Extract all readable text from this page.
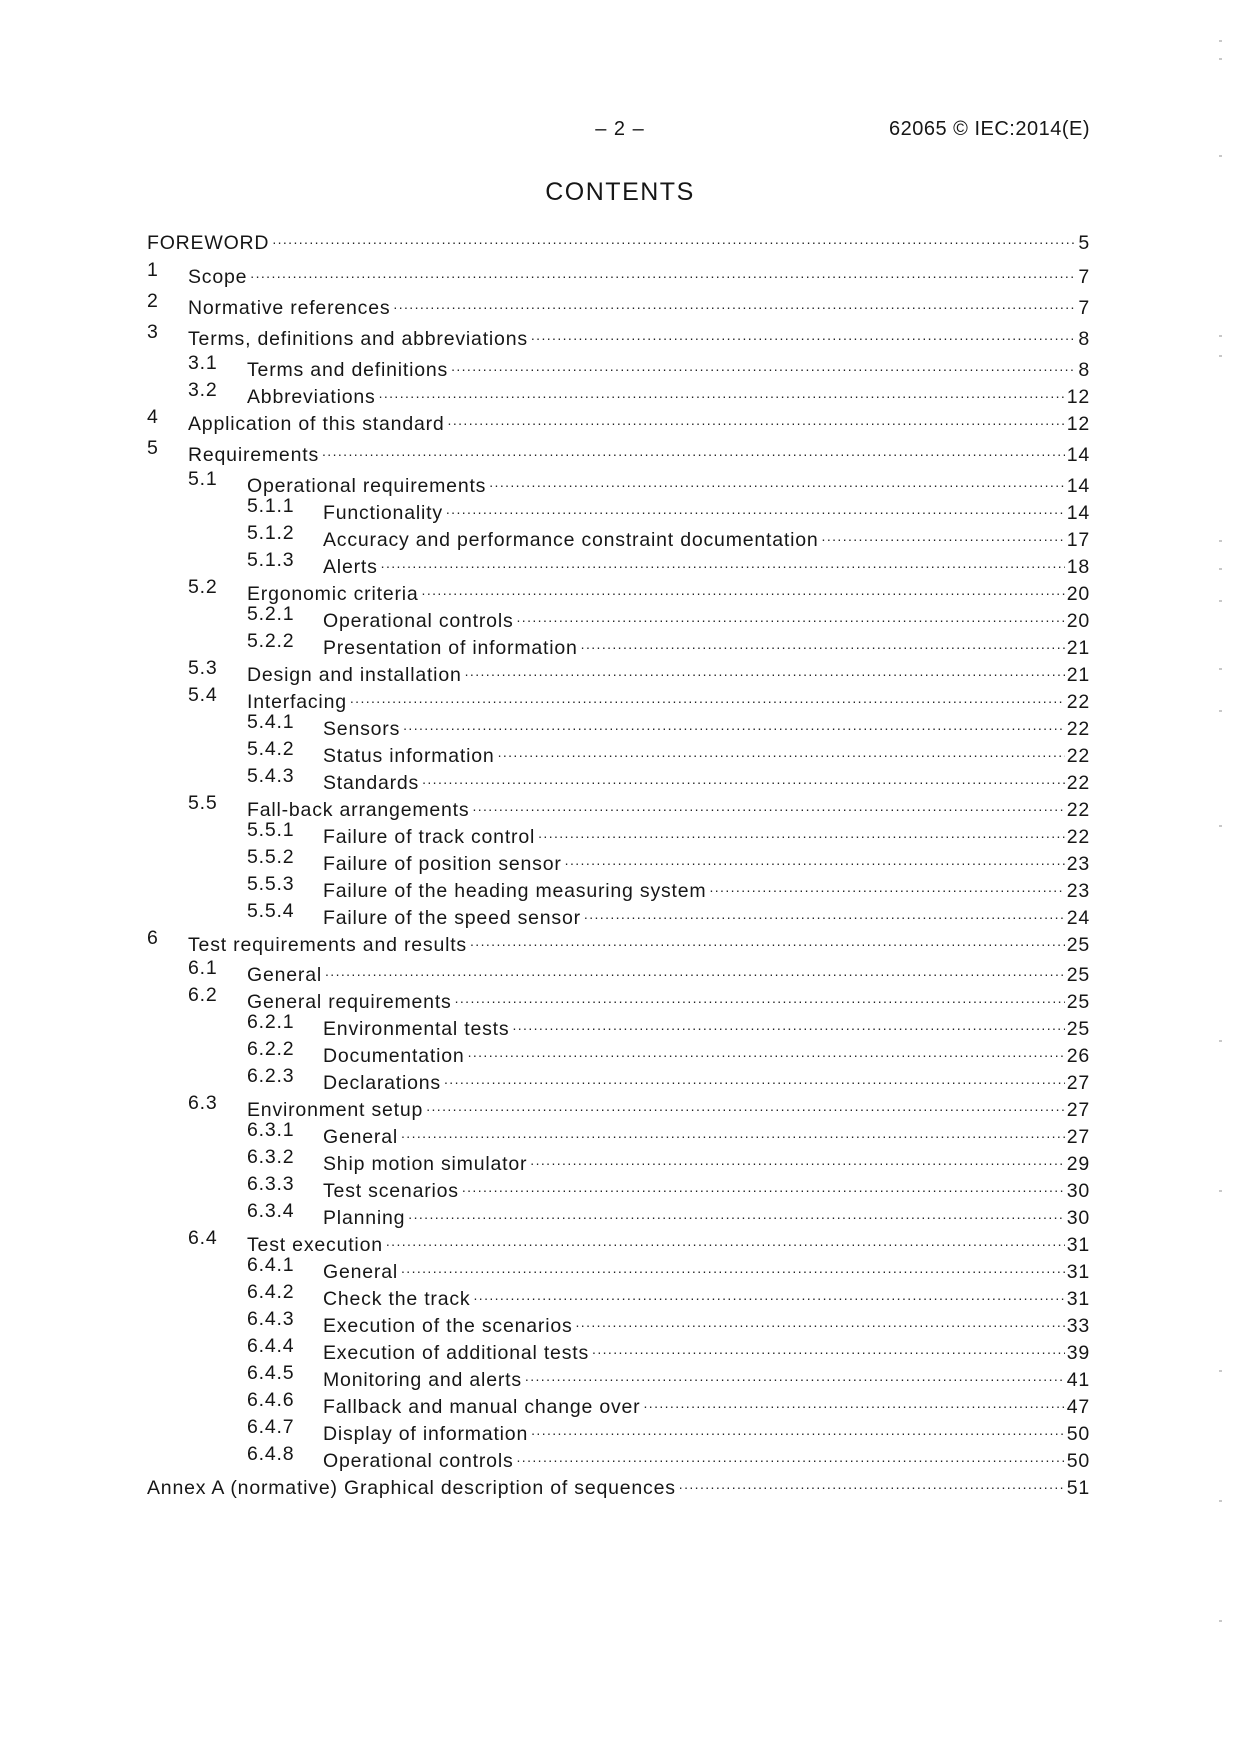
– 2 –	62065 © IEC:2014(E)
CONTENTS
FOREWORD .....	5
1 Scope .....	7
2 Normative references .....	7
3 Terms, definitions and abbreviations .....	8
3.1 Terms and definitions .....	8
3.2 Abbreviations .....	12
4 Application of this standard .....	12
5 Requirements .....	14
5.1 Operational requirements .....	14
5.1.1 Functionality .....	14
5.1.2 Accuracy and performance constraint documentation .....	17
5.1.3 Alerts .....	18
5.2 Ergonomic criteria .....	20
5.2.1 Operational controls .....	20
5.2.2 Presentation of information .....	21
5.3 Design and installation .....	21
5.4 Interfacing .....	22
5.4.1 Sensors .....	22
5.4.2 Status information .....	22
5.4.3 Standards .....	22
5.5 Fall-back arrangements .....	22
5.5.1 Failure of track control .....	22
5.5.2 Failure of position sensor .....	23
5.5.3 Failure of the heading measuring system .....	23
5.5.4 Failure of the speed sensor .....	24
6 Test requirements and results .....	25
6.1 General .....	25
6.2 General requirements .....	25
6.2.1 Environmental tests .....	25
6.2.2 Documentation .....	26
6.2.3 Declarations .....	27
6.3 Environment setup .....	27
6.3.1 General .....	27
6.3.2 Ship motion simulator .....	29
6.3.3 Test scenarios .....	30
6.3.4 Planning .....	30
6.4 Test execution .....	31
6.4.1 General .....	31
6.4.2 Check the track .....	31
6.4.3 Execution of the scenarios .....	33
6.4.4 Execution of additional tests .....	39
6.4.5 Monitoring and alerts .....	41
6.4.6 Fallback and manual change over .....	47
6.4.7 Display of information .....	50
6.4.8 Operational controls .....	50
Annex A (normative) Graphical description of sequences .....	51
